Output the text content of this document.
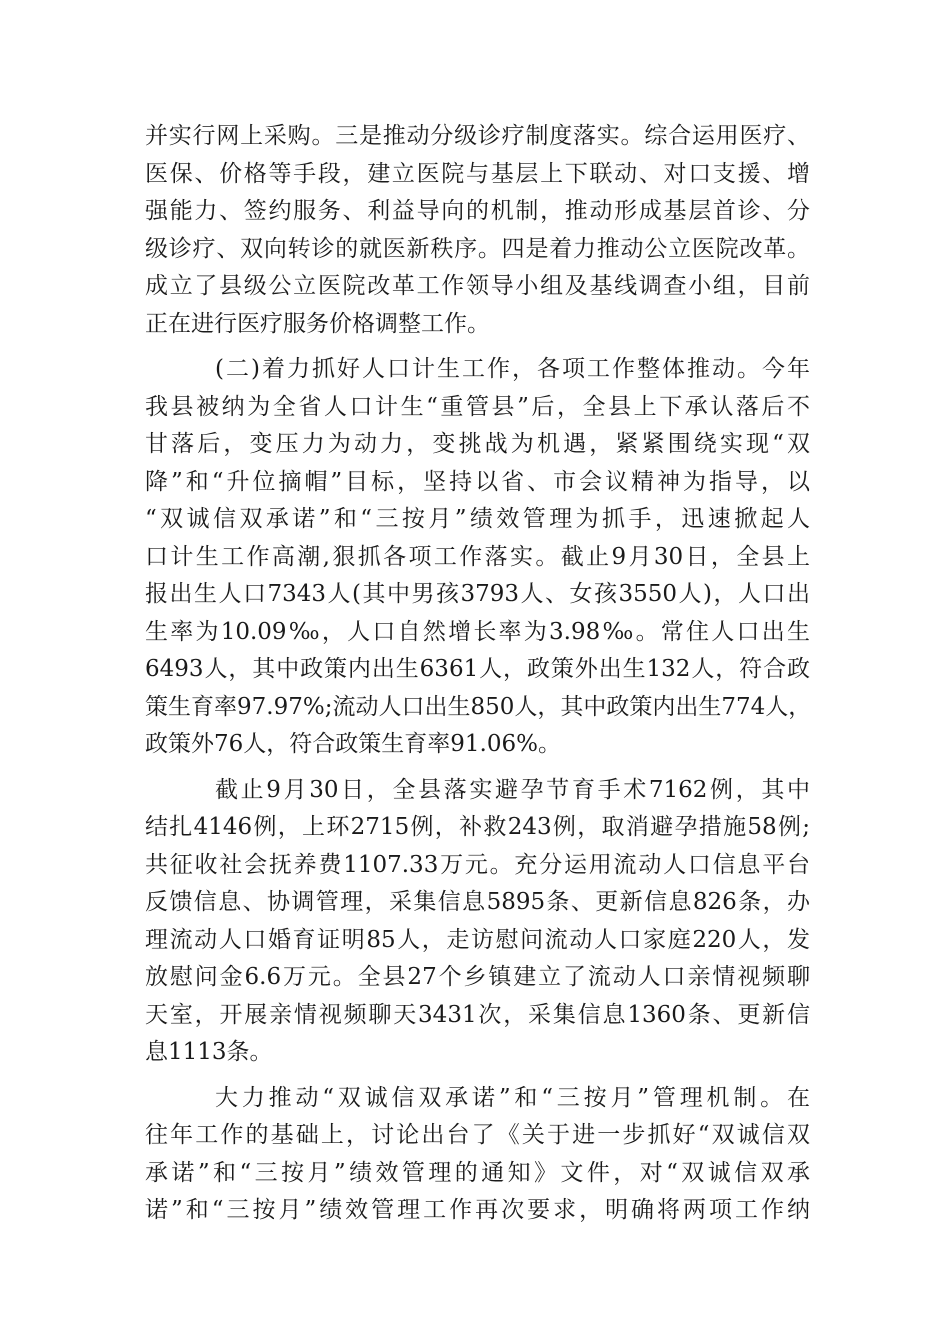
并实行网上采购。三是推动分级诊疗制度落实。综合运用医疗、
医保、价格等手段，建立医院与基层上下联动、对口支援、增
强能力、签约服务、利益导向的机制，推动形成基层首诊、分
级诊疗、双向转诊的就医新秩序。四是着力推动公立医院改革。
成立了县级公立医院改革工作领导小组及基线调查小组，目前
正在进行医疗服务价格调整工作。
(二)着力抓好人口计生工作，各项工作整体推动。今年
我县被纳为全省人口计生“重管县”后，全县上下承认落后不
甘落后，变压力为动力，变挑战为机遇，紧紧围绕实现“双
降”和“升位摘帽”目标，坚持以省、市会议精神为指导，以
“双诚信双承诺”和“三按月”绩效管理为抓手，迅速掀起人
口计生工作高潮,狠抓各项工作落实。截止9月30日，全县上
报出生人口7343人(其中男孩3793人、女孩3550人)，人口出
生率为10.09‰，人口自然增长率为3.98‰。常住人口出生
6493人，其中政策内出生6361人，政策外出生132人，符合政
策生育率97.97%;流动人口出生850人，其中政策内出生774人，
政策外76人，符合政策生育率91.06%。
截止9月30日，全县落实避孕节育手术7162例，其中
结扎4146例，上环2715例，补救243例，取消避孕措施58例;
共征收社会抚养费1107.33万元。充分运用流动人口信息平台
反馈信息、协调管理，采集信息5895条、更新信息826条，办
理流动人口婚育证明85人，走访慰问流动人口家庭220人，发
放慰问金6.6万元。全县27个乡镇建立了流动人口亲情视频聊
天室，开展亲情视频聊天3431次，采集信息1360条、更新信
息1113条。
大力推动“双诚信双承诺”和“三按月”管理机制。在
往年工作的基础上，讨论出台了《关于进一步抓好“双诚信双
承诺”和“三按月”绩效管理的通知》文件，对“双诚信双承
诺”和“三按月”绩效管理工作再次要求，明确将两项工作纳
